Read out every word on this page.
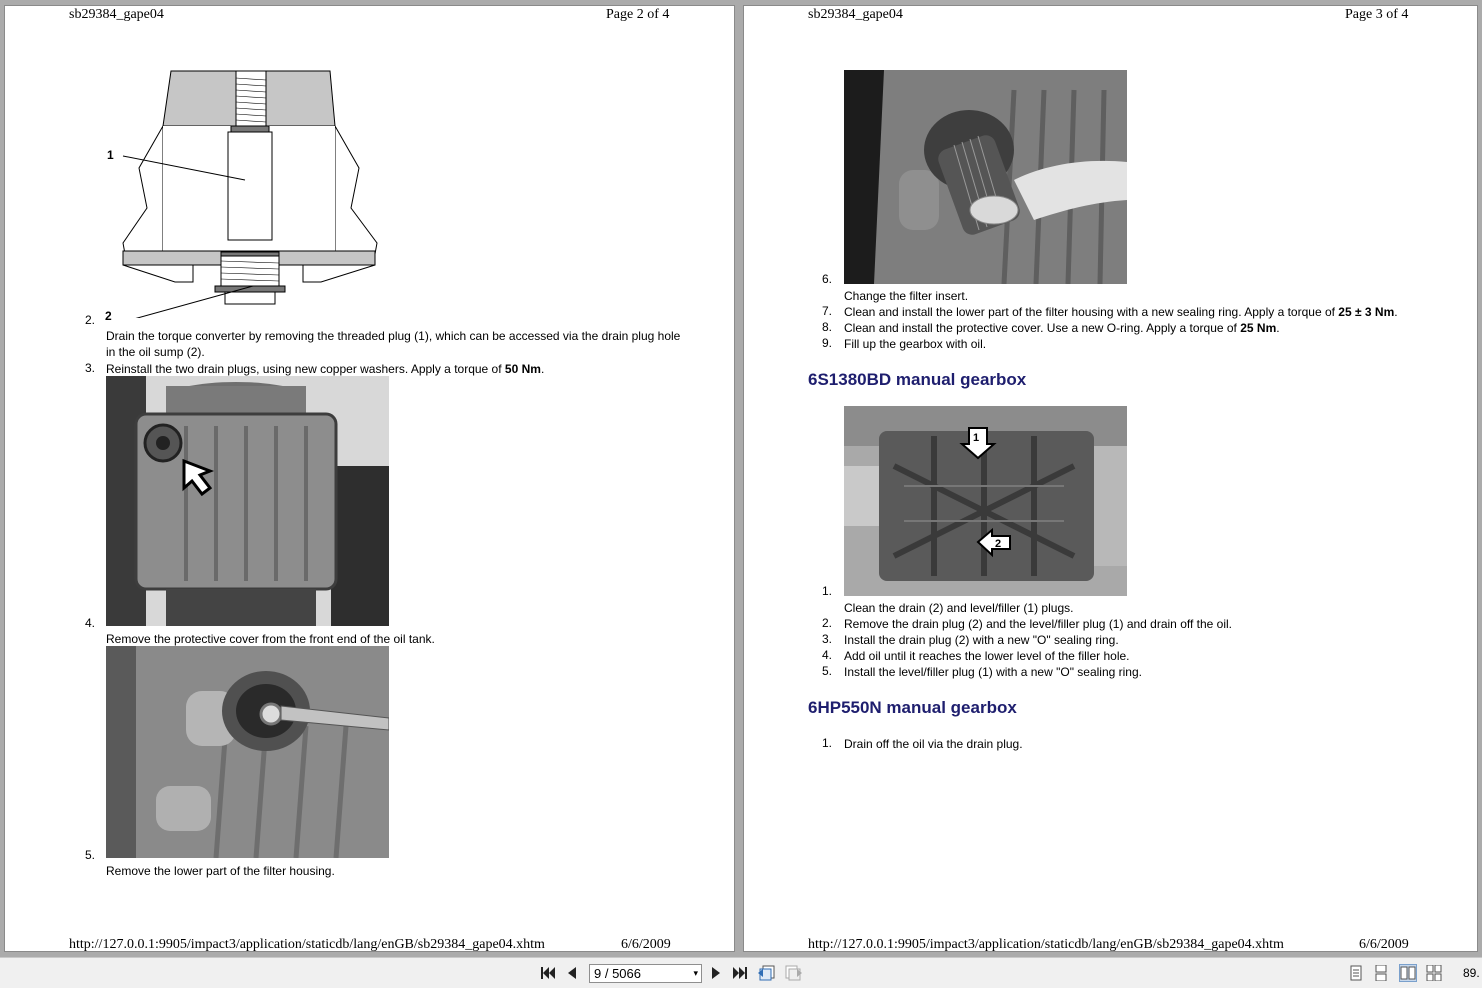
sb29384_gape04	Page 2 of 4
1
2
2.
Drain the torque converter by removing the threaded plug (1), which can be accessed via the drain plug hole
in the oil sump (2).
3. Reinstall the two drain plugs, using new copper washers. Apply a torque of 50 Nm.
4.
Remove the protective cover from the front end of the oil tank.
5.
Remove the lower part of the filter housing.
http://127.0.0.1:9905/impact3/application/staticdb/lang/enGB/sb29384_gape04.xhtm	6/6/2009
sb29384_gape04	Page 3 of 4
6.
Change the filter insert.
7. Clean and install the lower part of the filter housing with a new sealing ring. Apply a torque of 25 ± 3 Nm.
8. Clean and install the protective cover. Use a new O-ring. Apply a torque of 25 Nm.
9. Fill up the gearbox with oil.
6S1380BD manual gearbox
1
2
1.
Clean the drain (2) and level/filler (1) plugs.
2. Remove the drain plug (2) and the level/filler plug (1) and drain off the oil.
3. Install the drain plug (2) with a new "O" sealing ring.
4. Add oil until it reaches the lower level of the filler hole.
5. Install the level/filler plug (1) with a new "O" sealing ring.
6HP550N manual gearbox
1. Drain off the oil via the drain plug.
http://127.0.0.1:9905/impact3/application/staticdb/lang/enGB/sb29384_gape04.xhtm	6/6/2009
9 / 5066	▾	89.
